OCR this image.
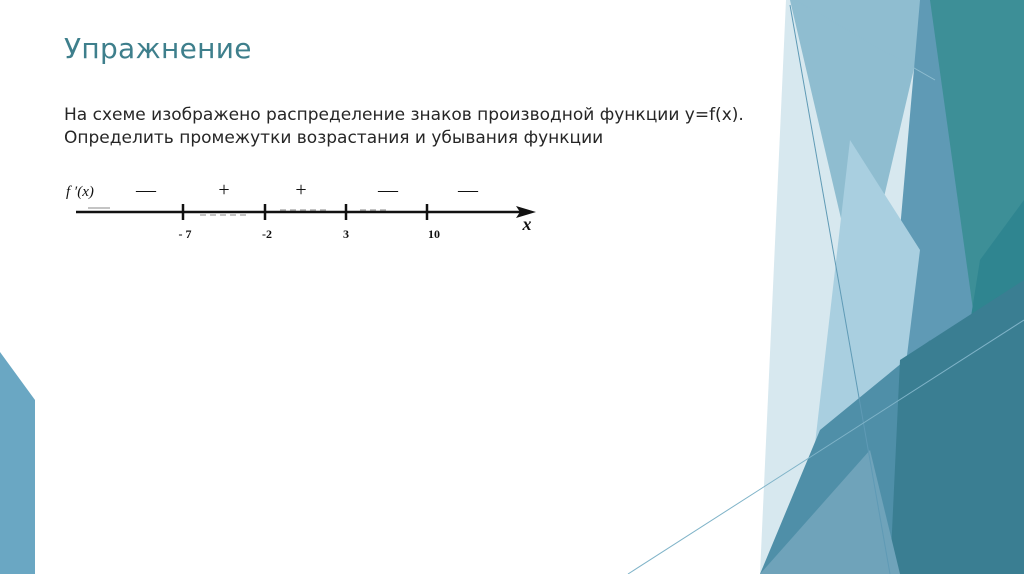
Упражнение
На схеме изображено распределение знаков производной функции y=f(x).
Определить промежутки возрастания и убывания функции
f ′(x) —	+	+	—	—
- 7	-2	3	10	x
